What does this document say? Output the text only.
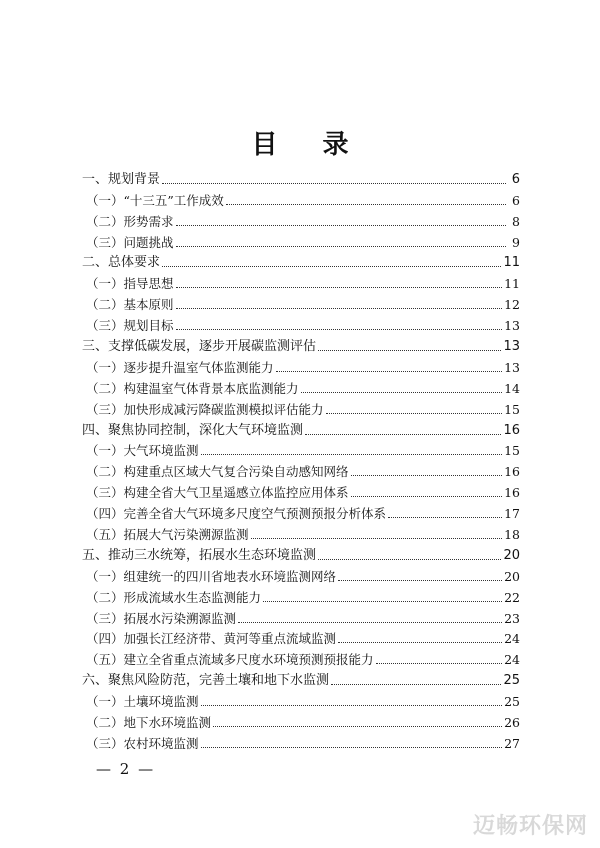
目 录
一、规划背景	6
（一）“十三五”工作成效	6
（二）形势需求	8
（三）问题挑战	9
二、总体要求	11
（一）指导思想	11
（二）基本原则	12
（三）规划目标	13
三、支撑低碳发展，逐步开展碳监测评估	13
（一）逐步提升温室气体监测能力	13
（二）构建温室气体背景本底监测能力	14
（三）加快形成减污降碳监测模拟评估能力	15
四、聚焦协同控制，深化大气环境监测	16
（一）大气环境监测	15
（二）构建重点区域大气复合污染自动感知网络	16
（三）构建全省大气卫星遥感立体监控应用体系	16
（四）完善全省大气环境多尺度空气预测预报分析体系	17
（五）拓展大气污染溯源监测	18
五、推动三水统筹，拓展水生态环境监测	20
（一）组建统一的四川省地表水环境监测网络	20
（二）形成流域水生态监测能力	22
（三）拓展水污染溯源监测	23
（四）加强长江经济带、黄河等重点流域监测	24
（五）建立全省重点流域多尺度水环境预测预报能力	24
六、聚焦风险防范，完善土壤和地下水监测	25
（一）土壤环境监测	25
（二）地下水环境监测	26
（三）农村环境监测	27
— 2 —
迈畅环保网
